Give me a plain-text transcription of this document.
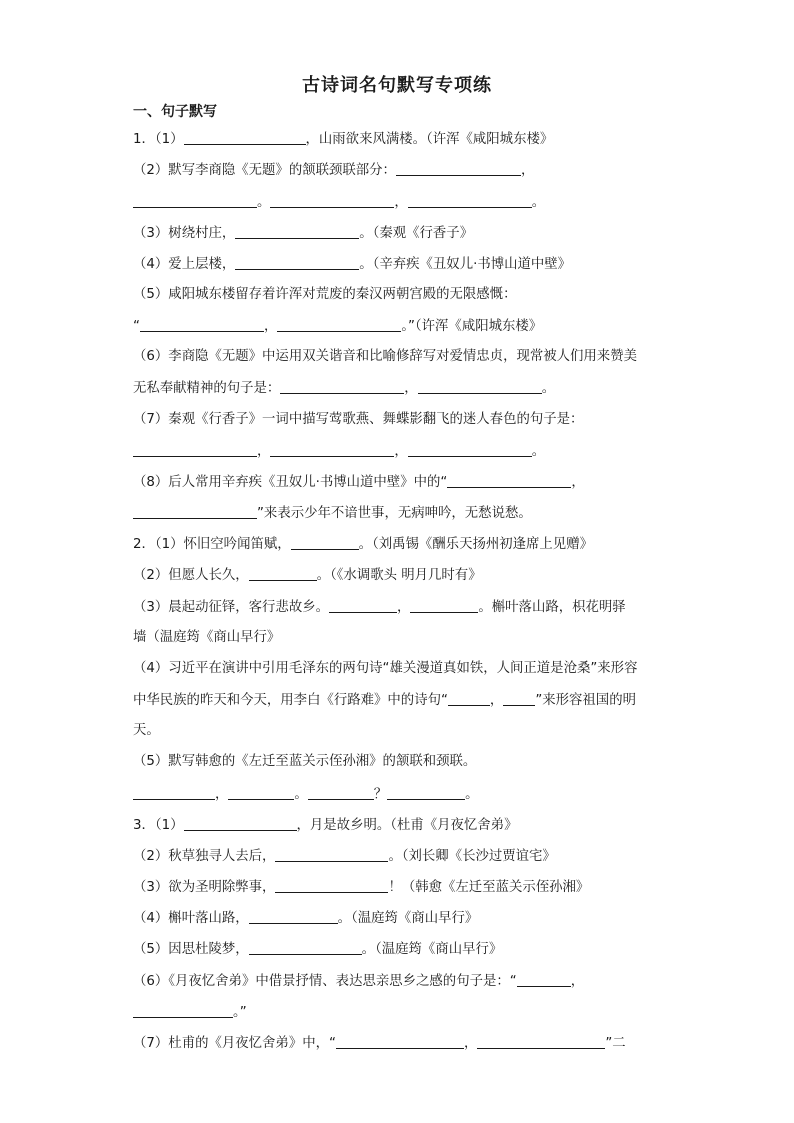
古诗词名句默写专项练
一、句子默写
1．（1）	，山雨欲来风满楼。（许浑《咸阳城东楼》
（2）默写李商隐《无题》的颔联颈联部分：	，
。	，	。
（3）树绕村庄，	。（秦观《行香子》
（4）爱上层楼，	。（辛弃疾《丑奴儿·书博山道中壁》
（5）咸阳城东楼留存着许浑对荒废的秦汉两朝宫殿的无限感慨：
“	，	。”（许浑《咸阳城东楼》
（6）李商隐《无题》中运用双关谐音和比喻修辞写对爱情忠贞，现常被人们用来赞美
无私奉献精神的句子是：	，	。
（7）秦观《行香子》一词中描写莺歌燕、舞蝶影翻飞的迷人春色的句子是：
，	，	。
（8）后人常用辛弃疾《丑奴儿·书博山道中壁》中的“	，
”来表示少年不谙世事，无病呻吟，无愁说愁。
2．（1）怀旧空吟闻笛赋，	。（刘禹锡《酬乐天扬州初逢席上见赠》
（2）但愿人长久，	。（《水调歌头 明月几时有》
（3）晨起动征铎，客行悲故乡。	，	。槲叶落山路，枳花明驿
墙（温庭筠《商山早行》
（4）习近平在演讲中引用毛泽东的两句诗“雄关漫道真如铁，人间正道是沧桑”来形容
中华民族的昨天和今天，用李白《行路难》中的诗句“	， ”来形容祖国的明
天。
（5）默写韩愈的《左迁至蓝关示侄孙湘》的颔联和颈联。
，	。	？	。
3．（1）	，月是故乡明。（杜甫《月夜忆舍弟》
（2）秋草独寻人去后，	。（刘长卿《长沙过贾谊宅》
（3）欲为圣明除弊事，	！（韩愈《左迁至蓝关示侄孙湘》
（4）槲叶落山路，	。（温庭筠《商山早行》
（5）因思杜陵梦，	。（温庭筠《商山早行》
（6）《月夜忆舍弟》中借景抒情、表达思亲思乡之感的句子是：“	，
。”
（7）杜甫的《月夜忆舍弟》中，“	，	”二
